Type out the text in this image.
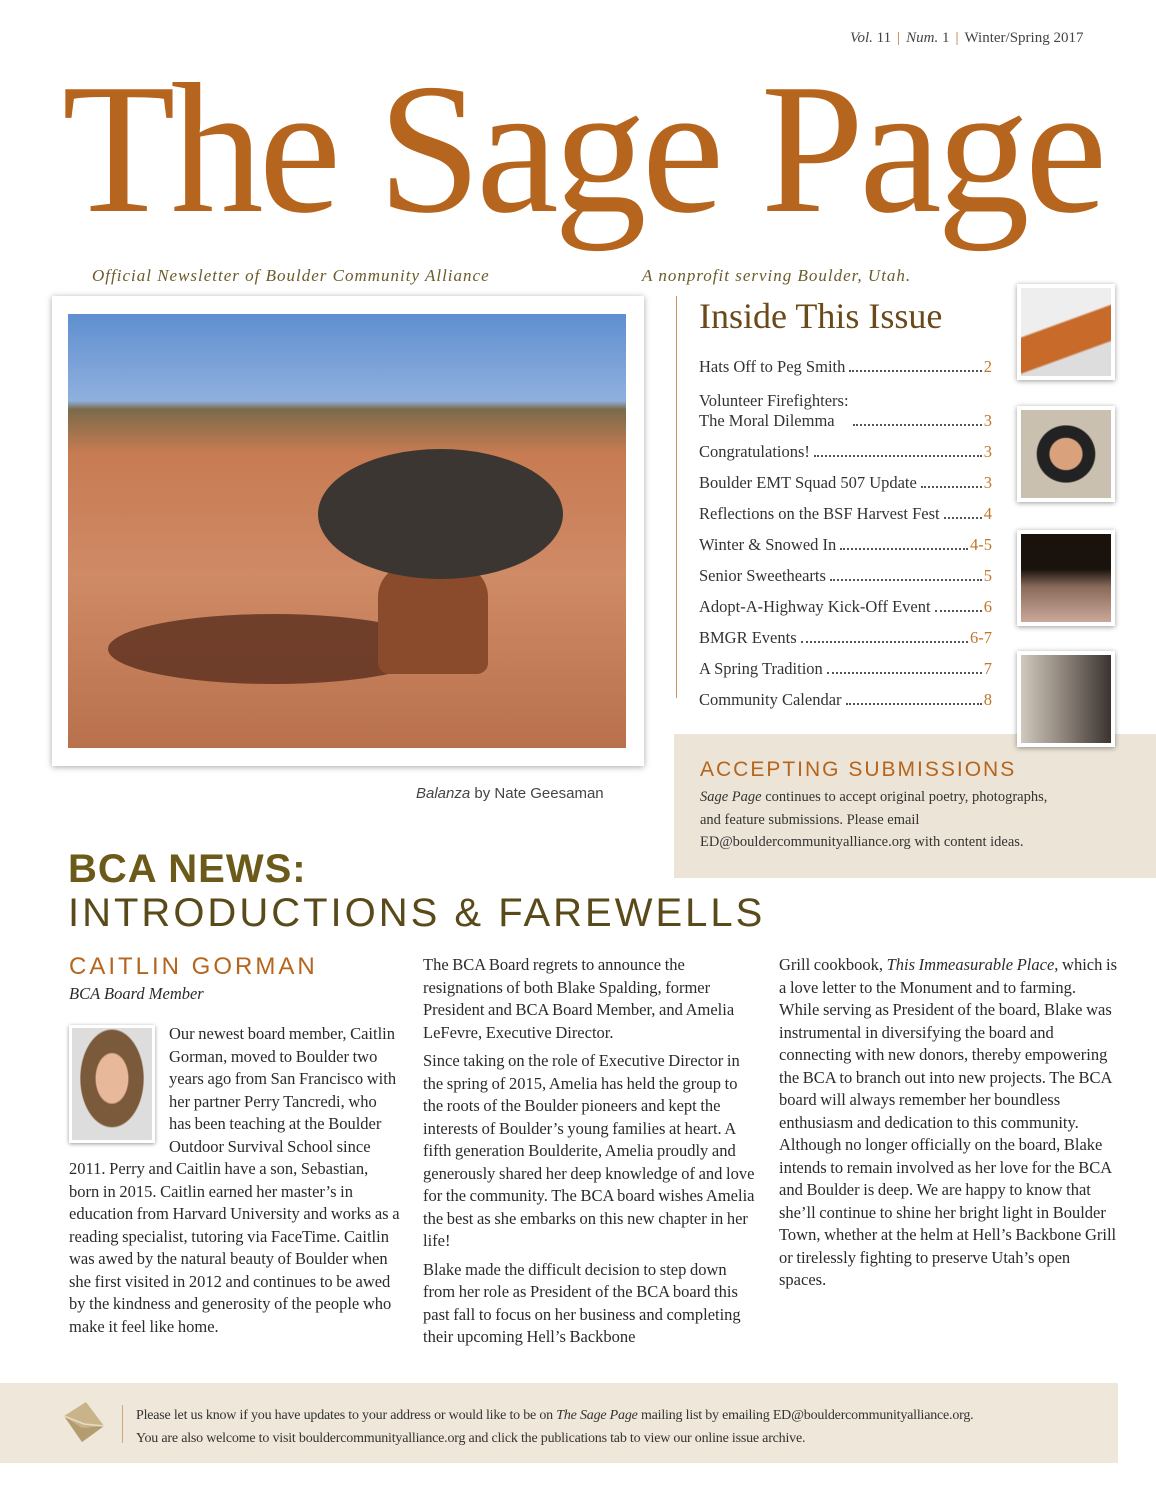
The Sage Page
Vol. 11 | Num. 1 | Winter/Spring 2017
Official Newsletter of Boulder Community Alliance	A nonprofit serving Boulder, Utah.
Balanza by Nate Geesaman
Inside This Issue
Hats Off to Peg Smith	2
Volunteer Firefighters:
The Moral Dilemma	3
Congratulations!	3
Boulder EMT Squad 507 Update	3
Reflections on the BSF Harvest Fest	4
Winter & Snowed In	4-5
Senior Sweethearts	5
Adopt-A-Highway Kick-Off Event	6
BMGR Events	6-7
A Spring Tradition	7
Community Calendar	8
ACCEPTING SUBMISSIONS
Sage Page continues to accept original poetry, photographs, and feature submissions. Please email ED@bouldercommunityalliance.org with content ideas.
BCA NEWS:
INTRODUCTIONS & FAREWELLS
CAITLIN GORMAN
BCA Board Member

Our newest board member, Caitlin Gorman, moved to Boulder two years ago from San Francisco with her partner Perry Tancredi, who has been teaching at the Boulder Outdoor Survival School since 2011. Perry and Caitlin have a son, Sebastian, born in 2015. Caitlin earned her master’s in education from Harvard University and works as a reading specialist, tutoring via FaceTime. Caitlin was awed by the natural beauty of Boulder when she first visited in 2012 and continues to be awed by the kindness and generosity of the people who make it feel like home.

The BCA Board regrets to announce the resignations of both Blake Spalding, former President and BCA Board Member, and Amelia LeFevre, Executive Director.

Since taking on the role of Executive Director in the spring of 2015, Amelia has held the group to the roots of the Boulder pioneers and kept the interests of Boulder’s young families at heart. A fifth generation Boulderite, Amelia proudly and generously shared her deep knowledge of and love for the community. The BCA board wishes Amelia the best as she embarks on this new chapter in her life!

Blake made the difficult decision to step down from her role as President of the BCA board this past fall to focus on her business and completing their upcoming Hell’s Backbone

Grill cookbook, This Immeasurable Place, which is a love letter to the Monument and to farming. While serving as President of the board, Blake was instrumental in diversifying the board and connecting with new donors, thereby empowering the BCA to branch out into new projects. The BCA board will always remember her boundless enthusiasm and dedication to this community. Although no longer officially on the board, Blake intends to remain involved as her love for the BCA and Boulder is deep. We are happy to know that she’ll continue to shine her bright light in Boulder Town, whether at the helm at Hell’s Backbone Grill or tirelessly fighting to preserve Utah’s open spaces.

Please let us know if you have updates to your address or would like to be on The Sage Page mailing list by emailing ED@bouldercommunityalliance.org.
You are also welcome to visit bouldercommunityalliance.org and click the publications tab to view our online issue archive.
